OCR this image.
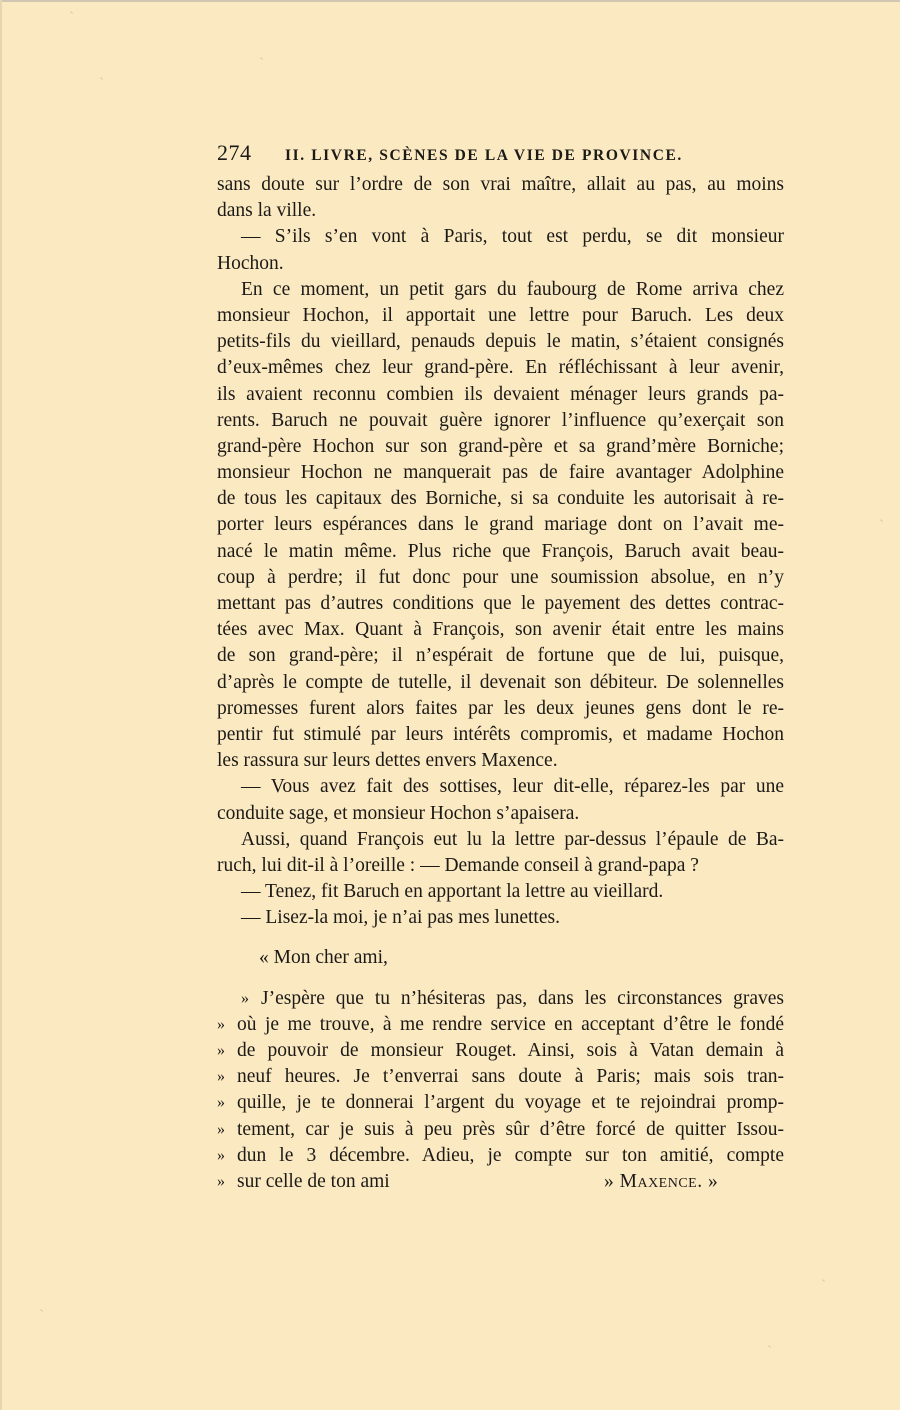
274	II. LIVRE, SCÈNES DE LA VIE DE PROVINCE.
sans doute sur l’ordre de son vrai maître, allait au pas, au moins
dans la ville.
— S’ils s’en vont à Paris, tout est perdu, se dit monsieur
Hochon.
En ce moment, un petit gars du faubourg de Rome arriva chez
monsieur Hochon, il apportait une lettre pour Baruch. Les deux
petits-fils du vieillard, penauds depuis le matin, s’étaient consignés
d’eux-mêmes chez leur grand-père. En réfléchissant à leur avenir,
ils avaient reconnu combien ils devaient ménager leurs grands pa-
rents. Baruch ne pouvait guère ignorer l’influence qu’exerçait son
grand-père Hochon sur son grand-père et sa grand’mère Borniche;
monsieur Hochon ne manquerait pas de faire avantager Adolphine
de tous les capitaux des Borniche, si sa conduite les autorisait à re-
porter leurs espérances dans le grand mariage dont on l’avait me-
nacé le matin même. Plus riche que François, Baruch avait beau-
coup à perdre; il fut donc pour une soumission absolue, en n’y
mettant pas d’autres conditions que le payement des dettes contrac-
tées avec Max. Quant à François, son avenir était entre les mains
de son grand-père; il n’espérait de fortune que de lui, puisque,
d’après le compte de tutelle, il devenait son débiteur. De solennelles
promesses furent alors faites par les deux jeunes gens dont le re-
pentir fut stimulé par leurs intérêts compromis, et madame Hochon
les rassura sur leurs dettes envers Maxence.
— Vous avez fait des sottises, leur dit-elle, réparez-les par une
conduite sage, et monsieur Hochon s’apaisera.
Aussi, quand François eut lu la lettre par-dessus l’épaule de Ba-
ruch, lui dit-il à l’oreille : — Demande conseil à grand-papa ?
— Tenez, fit Baruch en apportant la lettre au vieillard.
— Lisez-la moi, je n’ai pas mes lunettes.
« Mon cher ami,
» J’espère que tu n’hésiteras pas, dans les circonstances graves
» où je me trouve, à me rendre service en acceptant d’être le fondé
» de pouvoir de monsieur Rouget. Ainsi, sois à Vatan demain à
» neuf heures. Je t’enverrai sans doute à Paris; mais sois tran-
» quille, je te donnerai l’argent du voyage et te rejoindrai promp-
» tement, car je suis à peu près sûr d’être forcé de quitter Issou-
» dun le 3 décembre. Adieu, je compte sur ton amitié, compte
» sur celle de ton ami	» Maxence. »
